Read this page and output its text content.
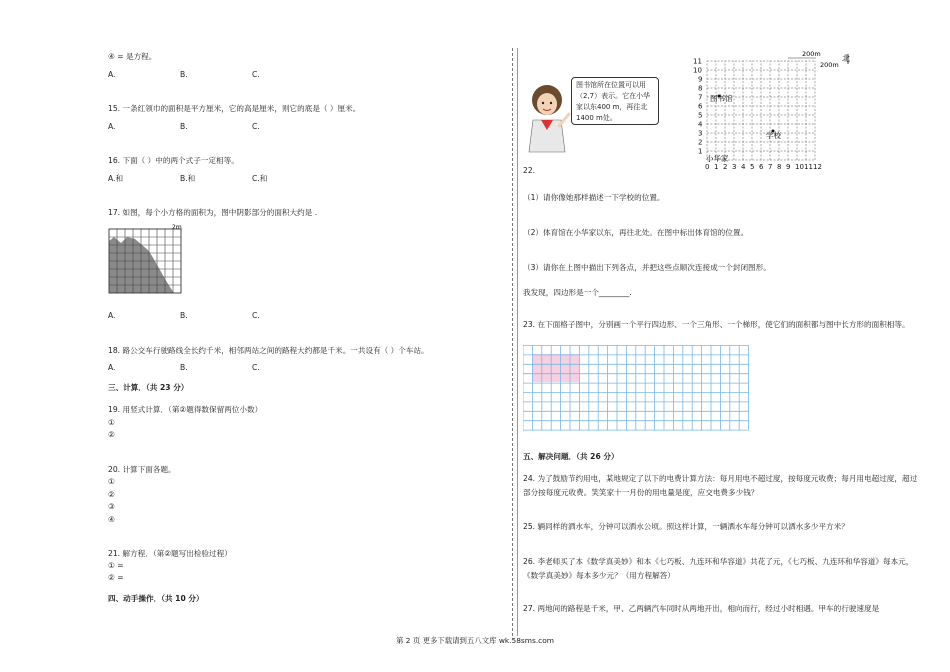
④ = 是方程。
A.	B.	C.
15. 一条红领巾的面积是平方厘米，它的高是厘米，则它的底是（ ）厘米。
A.	B.	C.
16. 下面（ ）中的两个式子一定相等。
A.和	B.和	C.和
17. 如图，每个小方格的面积为，图中阴影部分的面积大约是 .
2m
A.	B.	C.
18. 路公交车行驶路线全长约千米，相邻两站之间的路程大约都是千米。一共设有（ ）个车站。
A.	B.	C.
三、计算．（共 23 分）
19. 用竖式计算．（第②题得数保留两位小数）
①
②
20. 计算下面各题。
①
②
③
④
21. 解方程．（第②题写出检验过程）
① =
② =
四、动手操作．（共 10 分）
图书馆所在位置可以用（2,7）表示。它在小华家以东400 m，再往北1400 m处。
0 1 2 3 4 5 6 7 8 9 10 11 12
11
10
9
8
7
6
5
4
3
2
1
200m
200m
北
图书馆
学校
小华家
22.
（1）请你像她那样描述一下学校的位置。
（2）体育馆在小华家以东，再往北处。在图中标出体育馆的位置。
（3）请你在上图中描出下列各点，并把这些点顺次连接成一个封闭图形。
我发现，四边形是一个________.
23. 在下面格子图中，分别画一个平行四边形、一个三角形、一个梯形，使它们的面积都与图中长方形的面积相等。
五、解决问题．（共 26 分）
24. 为了鼓励节约用电，某地规定了以下的电费计算方法：每月用电不超过度，按每度元收费；每月用电超过度，超过部分按每度元收费。笑笑家十一月份的用电量是度，应交电费多少钱？
25. 辆同样的洒水车，分钟可以洒水公顷。照这样计算，一辆洒水车每分钟可以洒水多少平方米？
26. 李老师买了本《数学真美妙》和本《七巧板、九连环和华容道》共花了元，《七巧板、九连环和华容道》每本元，《数学真美妙》每本多少元？（用方程解答）
27. 两地间的路程是千米，甲、乙两辆汽车同时从两地开出，相向而行，经过小时相遇。甲车的行驶速度是
第 2 页 更多下载请到五八文库 wk.58sms.com
